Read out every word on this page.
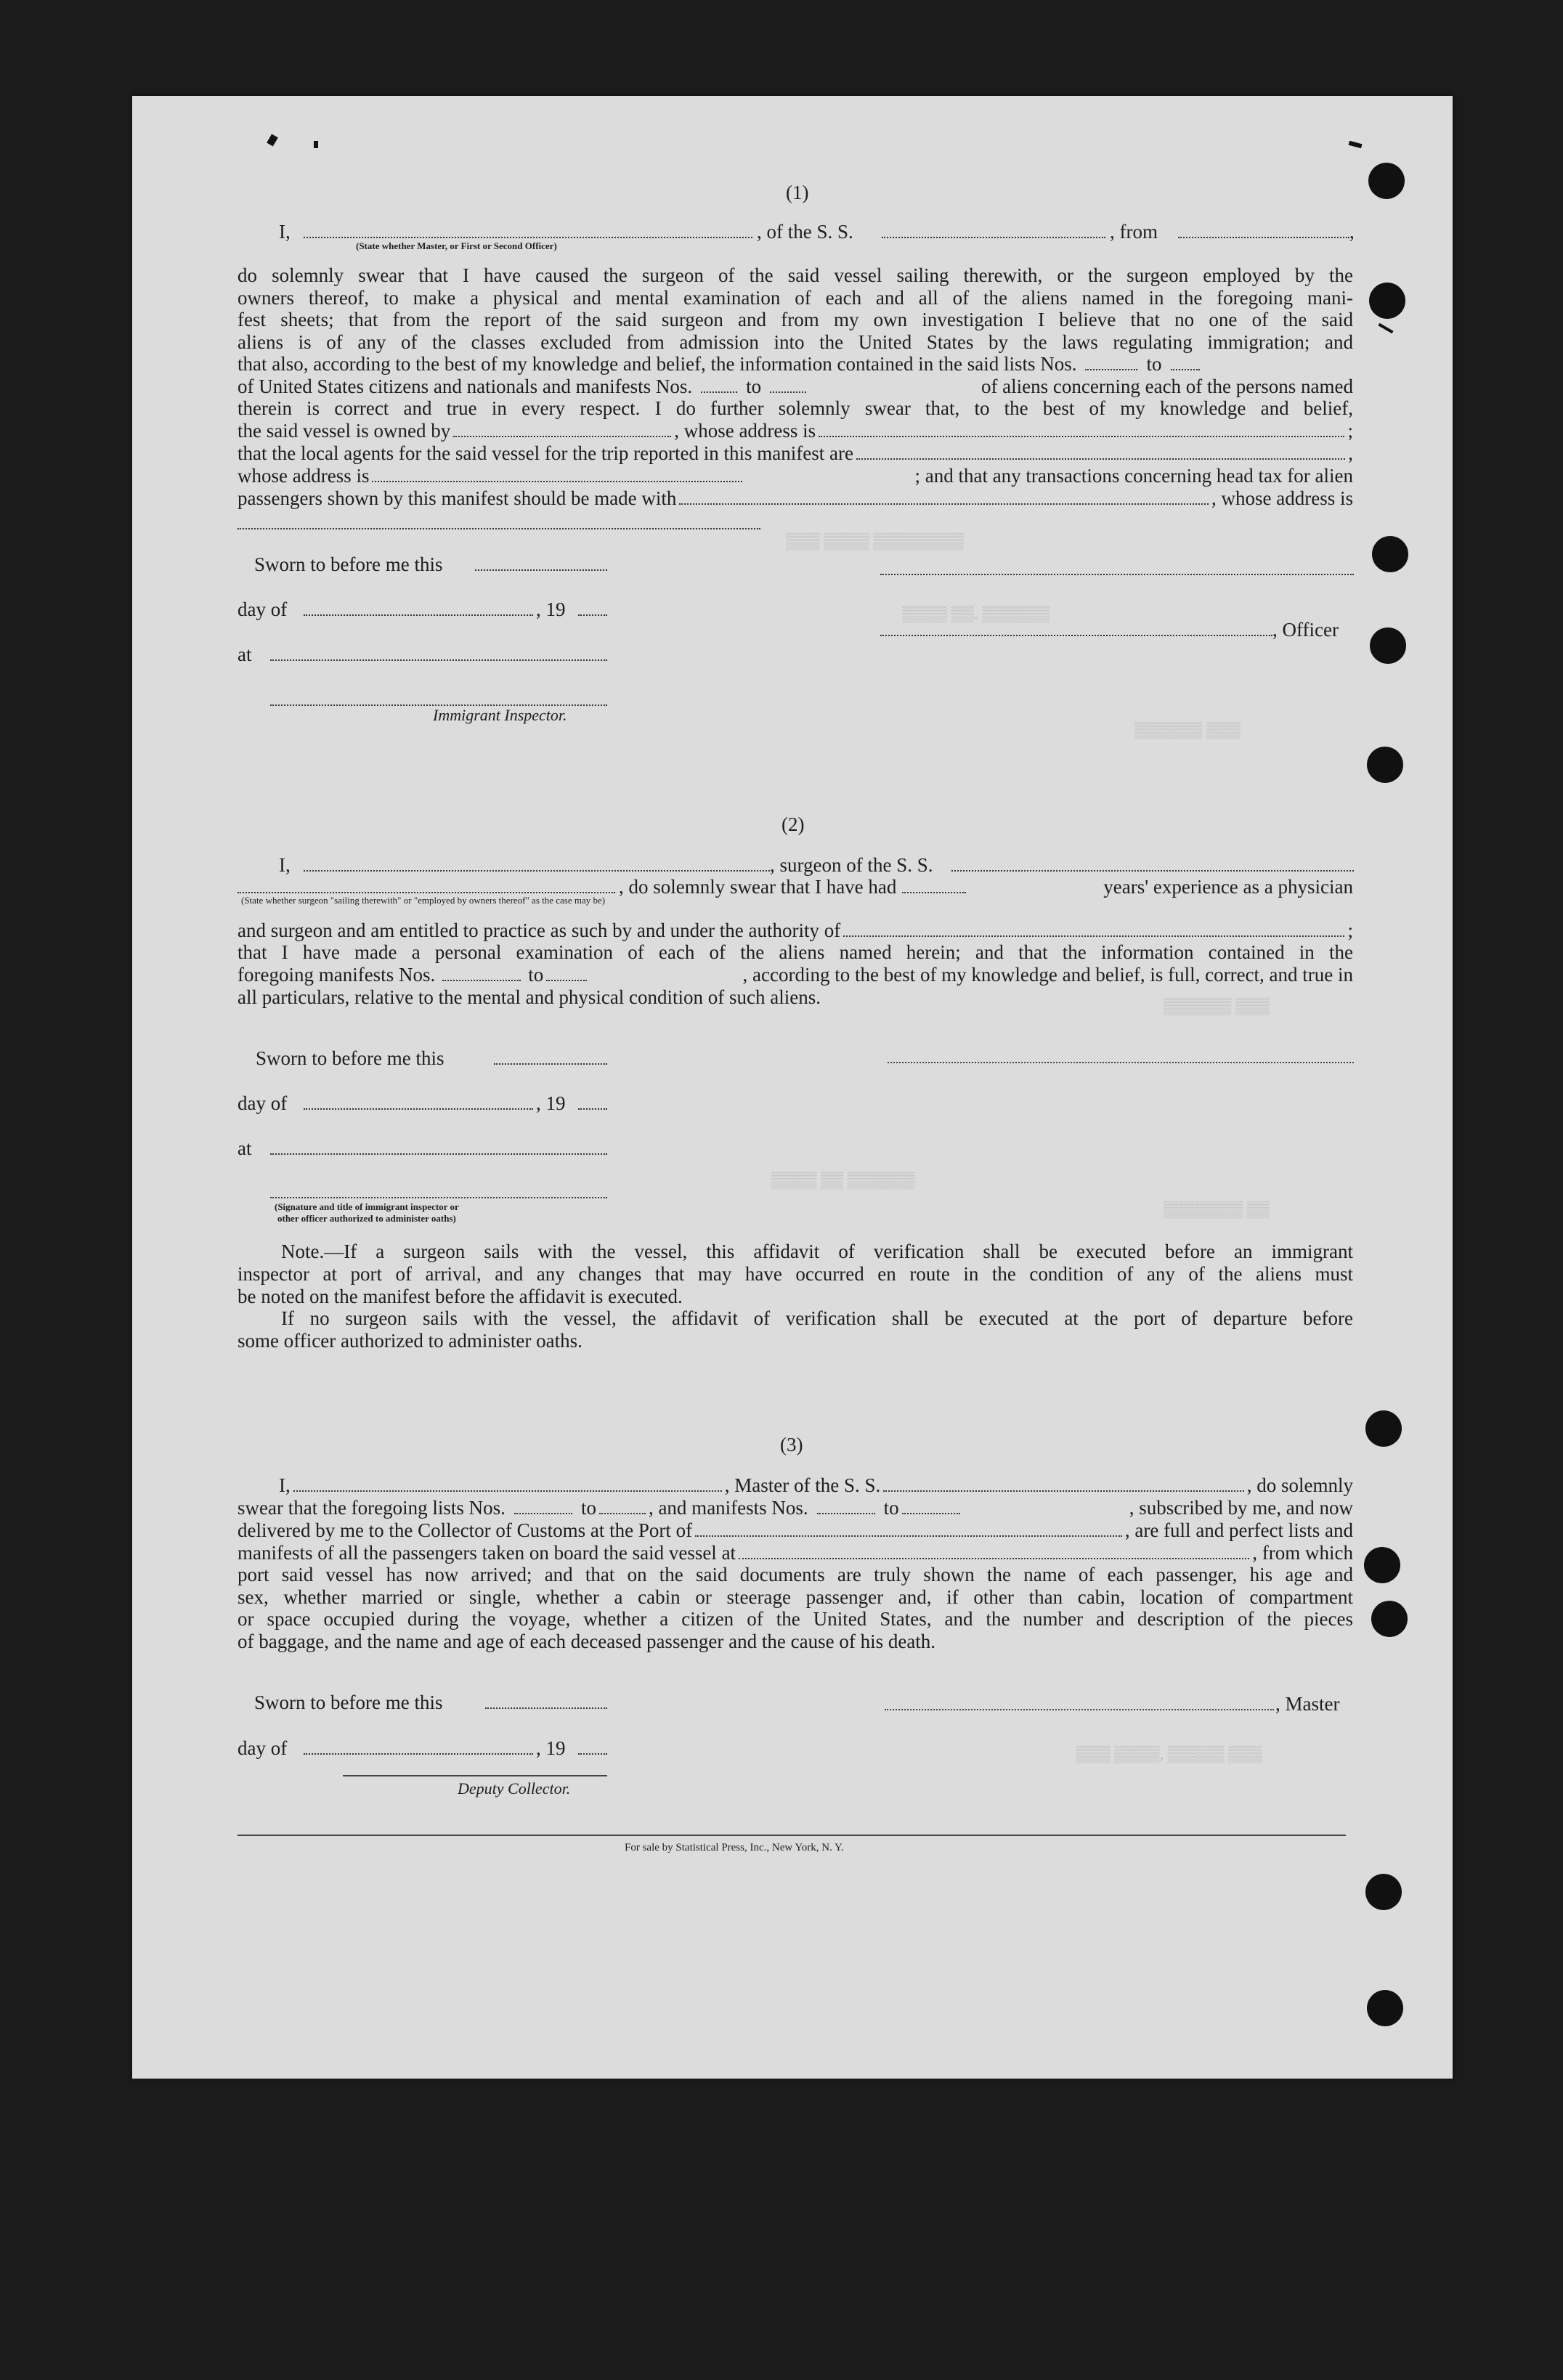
▒▒▒ ▒▒▒▒ ▒▒▒▒▒▒▒▒
▒▒▒▒ ▒▒. ▒▒▒▒▒▒
▒▒▒▒▒▒ ▒▒▒
▒▒▒▒ ▒▒ ▒▒▒▒▒▒
▒▒▒▒▒▒▒ ▒▒
▒▒▒ ▒▒▒▒, ▒▒▒▒▒ ▒▒▒
▒▒▒▒▒▒ ▒▒▒
(1)
I,	, of the S. S.	, from	,
(State whether Master, or First or Second Officer)
do solemnly swear that I have caused the surgeon of the said vessel sailing therewith, or the surgeon employed by the
owners thereof, to make a physical and mental examination of each and all of the aliens named in the foregoing mani-
fest sheets; that from the report of the said surgeon and from my own investigation I believe that no one of the said
aliens is of any of the classes excluded from admission into the United States by the laws regulating immigration; and
that also, according to the best of my knowledge and belief, the information contained in the said lists Nos.	to
of United States citizens and nationals and manifests Nos.	to	of aliens concerning each of the persons named
therein is correct and true in every respect. I do further solemnly swear that, to the best of my knowledge and belief,
the said vessel is owned by	, whose address is	;
that the local agents for the said vessel for the trip reported in this manifest are	,
whose address is	; and that any transactions concerning head tax for alien
passengers shown by this manifest should be made with	, whose address is
Sworn to before me this
day of	, 19
, Officer
at
Immigrant Inspector.
(2)
I,	, surgeon of the S. S.
, do solemnly swear that I have had	years' experience as a physician
(State whether surgeon "sailing therewith" or "employed by owners thereof" as the case may be)
and surgeon and am entitled to practice as such by and under the authority of	;
that I have made a personal examination of each of the aliens named herein; and that the information contained in the
foregoing manifests Nos.	to	, according to the best of my knowledge and belief, is full, correct, and true in
all particulars, relative to the mental and physical condition of such aliens.
Sworn to before me this
day of	, 19
at
(Signature and title of immigrant inspector or
other officer authorized to administer oaths)
Note.—If a surgeon sails with the vessel, this affidavit of verification shall be executed before an immigrant
inspector at port of arrival, and any changes that may have occurred en route in the condition of any of the aliens must
be noted on the manifest before the affidavit is executed.
If no surgeon sails with the vessel, the affidavit of verification shall be executed at the port of departure before
some officer authorized to administer oaths.
(3)
I,	, Master of the S. S.	, do solemnly
swear that the foregoing lists Nos.	to	, and manifests Nos.	to	, subscribed by me, and now
delivered by me to the Collector of Customs at the Port of	, are full and perfect lists and
manifests of all the passengers taken on board the said vessel at	, from which
port said vessel has now arrived; and that on the said documents are truly shown the name of each passenger, his age and
sex, whether married or single, whether a cabin or steerage passenger and, if other than cabin, location of compartment
or space occupied during the voyage, whether a citizen of the United States, and the number and description of the pieces
of baggage, and the name and age of each deceased passenger and the cause of his death.
Sworn to before me this	, Master
day of	, 19
Deputy Collector.
For sale by Statistical Press, Inc., New York, N. Y.
